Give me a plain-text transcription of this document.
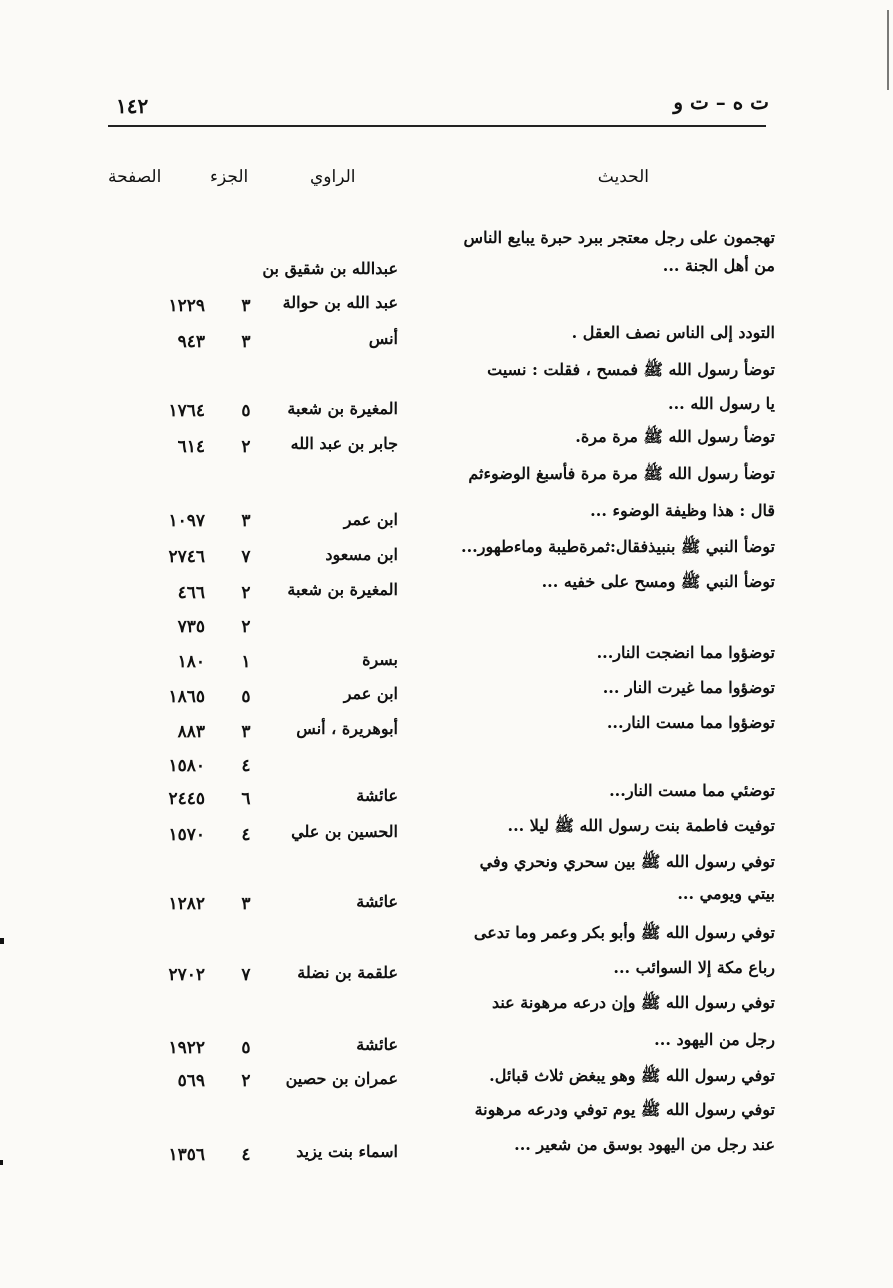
١٤٢	ت ه – ت و
الحديث
الراوي
الجزء
الصفحة
تهجمون على رجل معتجر ببرد حبرة يبايع الناس
من أهل الجنة ...
التودد إلى الناس نصف العقل .
توضأ رسول الله ﷺ فمسح ، فقلت : نسيت
يا رسول الله ...
توضأ رسول الله ﷺ مرة مرة.
توضأ رسول الله ﷺ مرة مرة فأسبغ الوضوءثم
قال : هذا وظيفة الوضوء ...
توضأ النبي ﷺ بنبيذفقال:ثمرةطيبة وماءطهور...
توضأ النبي ﷺ ومسح على خفيه ...
توضؤوا مما انضجت النار...
توضؤوا مما غيرت النار ...
توضؤوا مما مست النار...
توضئي مما مست النار...
توفيت فاطمة بنت رسول الله ﷺ ليلا ...
توفي رسول الله ﷺ بين سحري ونحري وفي
بيتي ويومي ...
توفي رسول الله ﷺ وأبو بكر وعمر وما تدعى
رباع مكة إلا السوائب ...
توفي رسول الله ﷺ وإن درعه مرهونة عند
رجل من اليهود ...
توفي رسول الله ﷺ وهو يبغض ثلاث قبائل.
توفي رسول الله ﷺ يوم توفي ودرعه مرهونة
عند رجل من اليهود بوسق من شعير ...
عبدالله بن شقيق بن
عبد الله بن حوالة
أنس
المغيرة بن شعبة
جابر بن عبد الله
ابن عمر
ابن مسعود
المغيرة بن شعبة
بسرة
ابن عمر
أبوهريرة ، أنس
عائشة
الحسين بن علي
عائشة
علقمة بن نضلة
عائشة
عمران بن حصين
اسماء بنت يزيد
٣
٣
٥
٢
٣
٧
٢
٢
١
٥
٣
٤
٦
٤
٣
٧
٥
٢
٤
١٢٢٩
٩٤٣
١٧٦٤
٦١٤
١٠٩٧
٢٧٤٦
٤٦٦
٧٣٥
١٨٠
١٨٦٥
٨٨٣
١٥٨٠
٢٤٤٥
١٥٧٠
١٢٨٢
٢٧٠٢
١٩٢٢
٥٦٩
١٣٥٦
